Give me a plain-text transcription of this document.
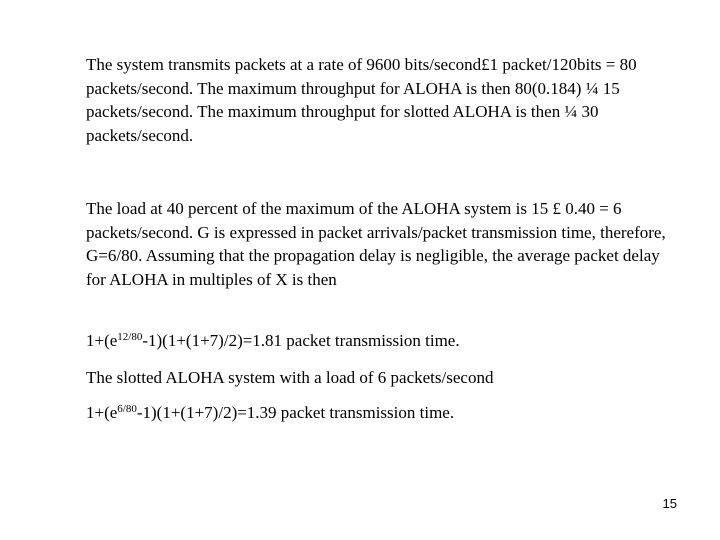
The system transmits packets at a rate of 9600 bits/second£1 packet/120bits = 80 packets/second. The maximum throughput for ALOHA is then 80(0.184) ¼ 15 packets/second. The maximum throughput for slotted ALOHA is then ¼ 30 packets/second.

The load at 40 percent of the maximum of the ALOHA system is 15 £ 0.40 = 6 packets/second. G is expressed in packet arrivals/packet transmission time, therefore, G=6/80. Assuming that the propagation delay is negligible, the average packet delay for ALOHA in multiples of X is then

$1+(e^{12/80}-1)(1+(1+7)/2)=1.81$ packet transmission time.

The slotted ALOHA system with a load of 6 packets/second

$1+(e^{6/80}-1)(1+(1+7)/2)=1.39$ packet transmission time.

15
